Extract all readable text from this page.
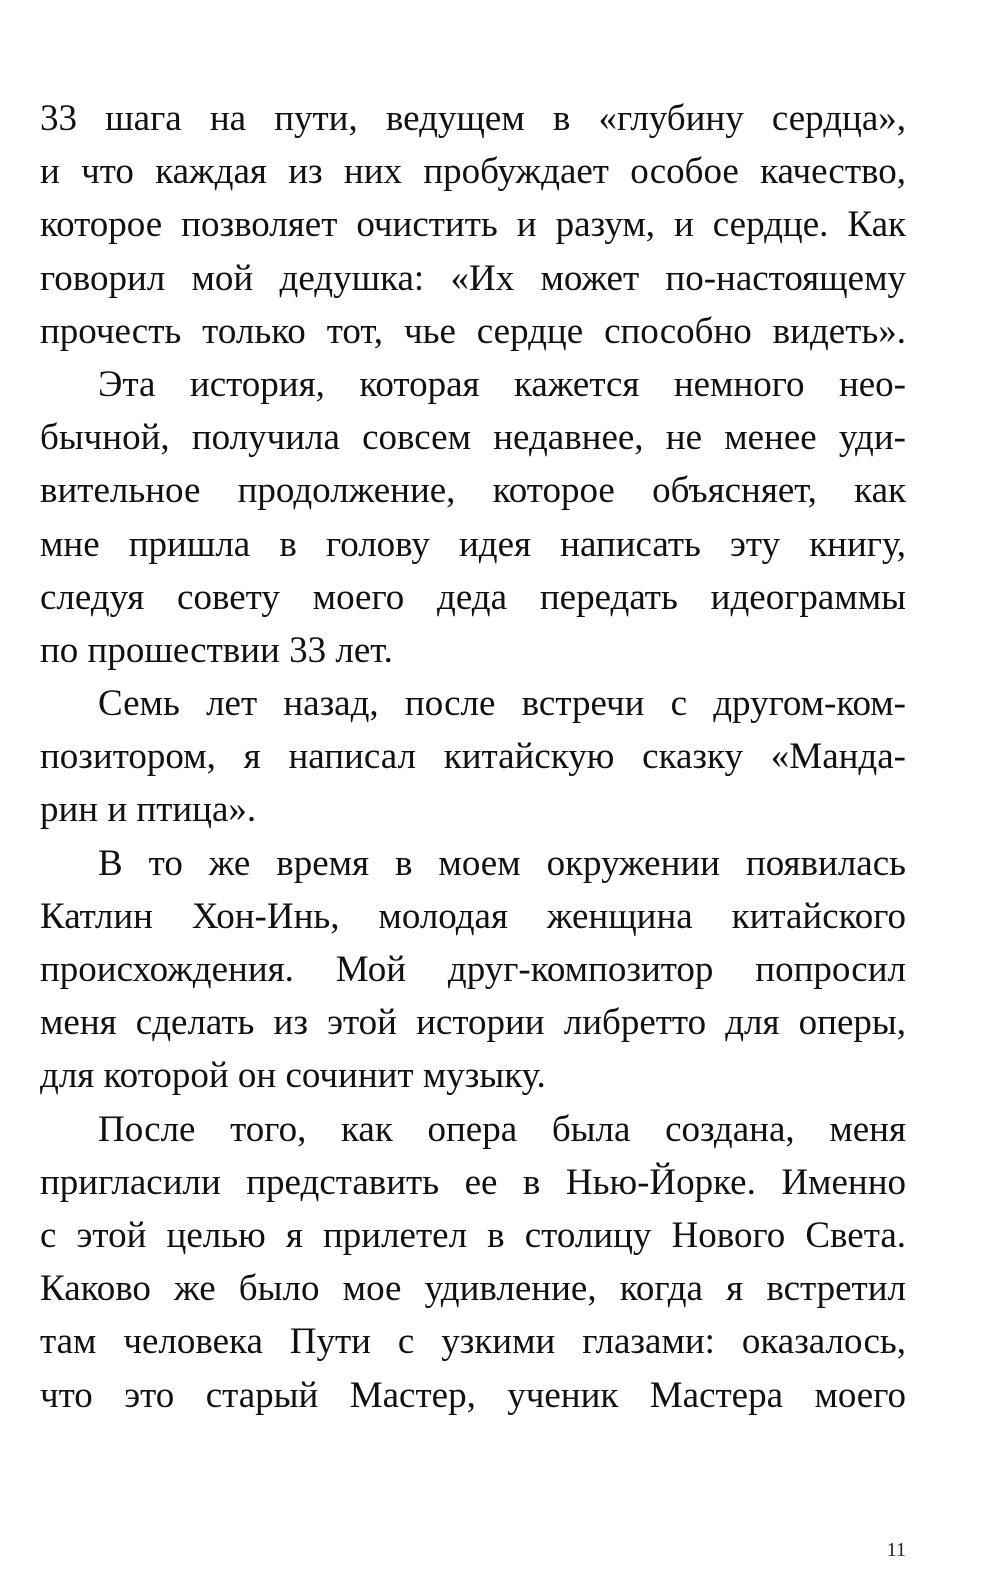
33 шага на пути, ведущем в «глубину сердца»,
и что каждая из них пробуждает особое качество,
которое позволяет очистить и разум, и сердце. Как
говорил мой дедушка: «Их может по-настоящему
прочесть только тот, чье сердце способно видеть».
Эта история, которая кажется немного нео-
бычной, получила совсем недавнее, не менее уди-
вительное продолжение, которое объясняет, как
мне пришла в голову идея написать эту книгу,
следуя совету моего деда передать идеограммы
по прошествии 33 лет.
Семь лет назад, после встречи с другом-ком-
позитором, я написал китайскую сказку «Манда-
рин и птица».
В то же время в моем окружении появилась
Катлин Хон-Инь, молодая женщина китайского
происхождения. Мой друг-композитор попросил
меня сделать из этой истории либретто для оперы,
для которой он сочинит музыку.
После того, как опера была создана, меня
пригласили представить ее в Нью-Йорке. Именно
с этой целью я прилетел в столицу Нового Света.
Каково же было мое удивление, когда я встретил
там человека Пути с узкими глазами: оказалось,
что это старый Мастер, ученик Мастера моего
11
